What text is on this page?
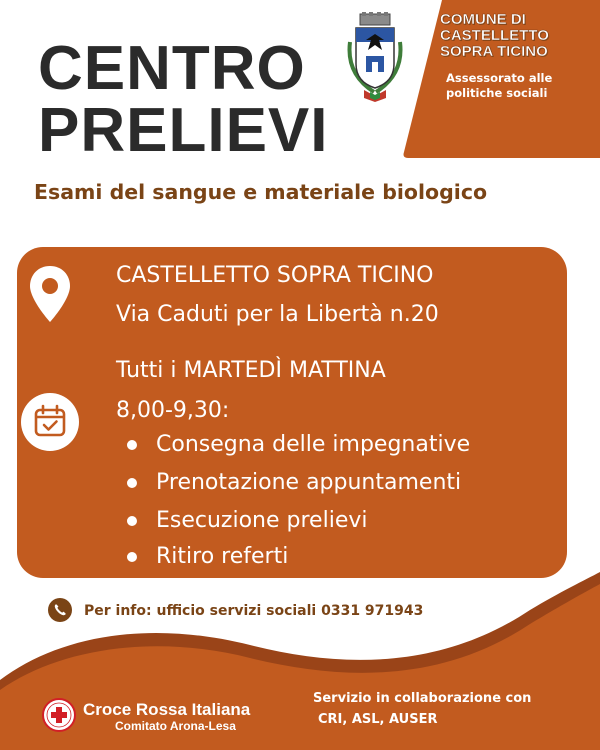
CENTRO
PRELIEVI
COMUNE DI CASTELLETTO SOPRA TICINO
Assessorato alle politiche sociali
Esami del sangue e materiale biologico
CASTELLETTO SOPRA TICINO
Via Caduti per la Libertà n.20
Tutti i MARTEDÌ MATTINA
8,00-9,30:
Consegna delle impegnative
Prenotazione appuntamenti
Esecuzione prelievi
Ritiro referti
Per info: ufficio servizi sociali 0331 971943
Croce Rossa Italiana
Comitato Arona-Lesa
Servizio in collaborazione con
CRI, ASL, AUSER
